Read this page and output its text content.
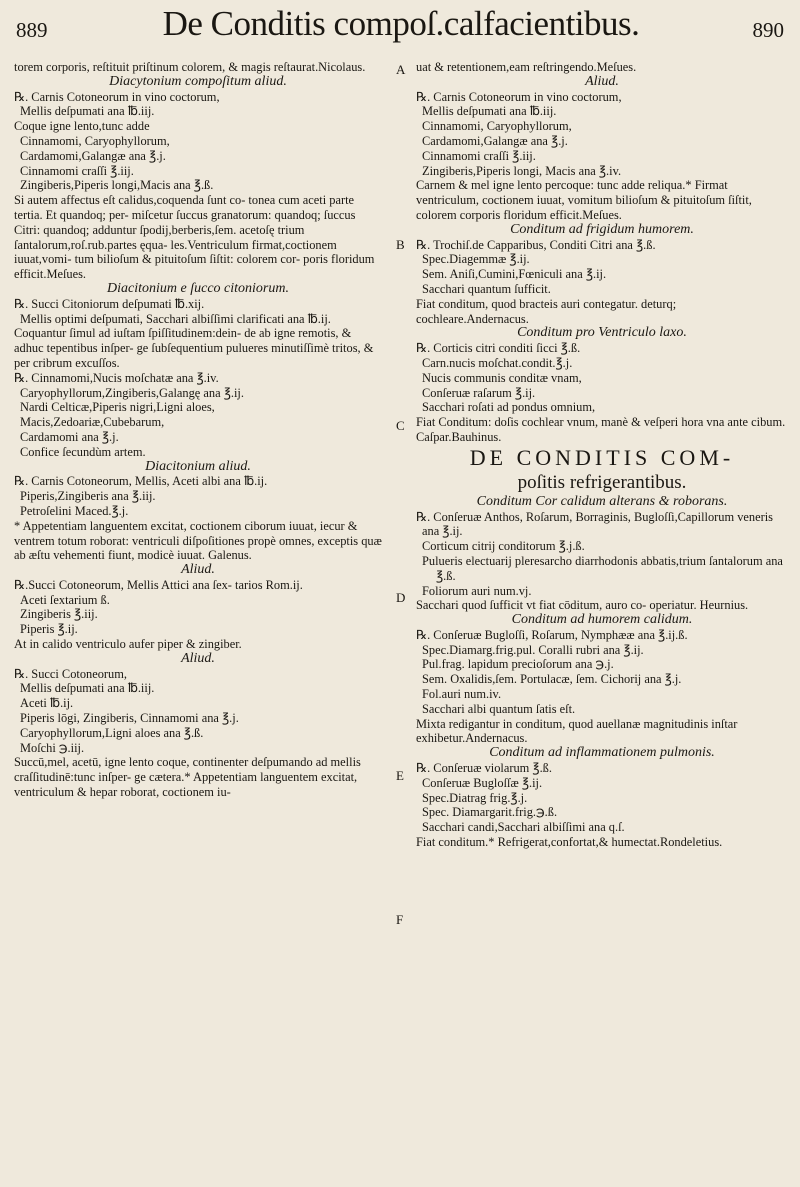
889	De Conditis compoſ.calfacientibus.	890

torem corporis, reſtituit priſtinum colorem, & magis reſtaurat.Nicolaus.

Diacytonium compoſitum aliud.

℞. Carnis Cotoneorum in vino coctorum,

Mellis deſpumati ana ℔.iij.

Coque igne lento,tunc adde

Cinnamomi, Caryophyllorum,

Cardamomi,Galangæ ana ℥.j.

Cinnamomi craſſi ℥.iij.

Zingiberis,Piperis longi,Macis ana ℥.ß.

Si autem affectus eſt calidus,coquenda ſunt co- tonea cum aceti parte tertia. Et quandoq; per- miſcetur ſuccus granatorum: quandoq; ſuccus Citri: quandoq; adduntur ſpodij,berberis,ſem. acetoſę trium ſantalorum,roſ.rub.partes ęqua- les.Ventriculum firmat,coctionem iuuat,vomi- tum bilioſum & pituitoſum ſiſtit: colorem cor- poris floridum efficit.Meſues.

Diacitonium e ſucco citoniorum.

℞. Succi Citoniorum deſpumati ℔.xij.

Mellis optimi deſpumati, Sacchari albiſſimi clarificati ana ℔.ij.

Coquantur ſimul ad iuſtam ſpiſſitudinem:dein- de ab igne remotis, & adhuc tepentibus inſper- ge ſubſequentium pulueres minutiſſimè tritos, & per cribrum excuſſos.

℞. Cinnamomi,Nucis moſchatæ ana ℥.iv.

Caryophyllorum,Zingiberis,Galangę ana ℥.ij.

Nardi Celticæ,Piperis nigri,Ligni aloes,

Macis,Zedoariæ,Cubebarum,

Cardamomi ana ℥.j.

Confice ſecundùm artem.

Diacitonium aliud.

℞. Carnis Cotoneorum, Mellis, Aceti albi ana ℔.ij.

Piperis,Zingiberis ana ℥.iij.

Petroſelini Maced.℥.j.

* Appetentiam languentem excitat, coctionem ciborum iuuat, iecur & ventrem totum roborat: ventriculi diſpoſitiones propè omnes, exceptis quæ ab æſtu vehementi fiunt, modicè iuuat. Galenus.

Aliud.

℞.Succi Cotoneorum, Mellis Attici ana ſex- tarios Rom.ij.

Aceti ſextarium ß.

Zingiberis ℥.iij.

Piperis ℥.ij.

At in calido ventriculo aufer piper & zingiber.

Aliud.

℞. Succi Cotoneorum,

Mellis deſpumati ana ℔.iij.

Aceti ℔.ij.

Piperis lōgi, Zingiberis, Cinnamomi ana ℥.j.

Caryophyllorum,Ligni aloes ana ℥.ß.

Moſchi ℈.iij.

Succū,mel, acetū, igne lento coque, continenter deſpumando ad mellis craſſitudinē:tunc inſper- ge cætera.* Appetentiam languentem excitat, ventriculum & hepar roborat, coctionem iu-

uat & retentionem,eam reſtringendo.Meſues.

Aliud.

℞. Carnis Cotoneorum in vino coctorum,

Mellis deſpumati ana ℔.iij.

Cinnamomi, Caryophyllorum,

Cardamomi,Galangæ ana ℥.j.

Cinnamomi craſſi ℥.iij.

Zingiberis,Piperis longi, Macis ana ℥.iv.

Carnem & mel igne lento percoque: tunc adde reliqua.* Firmat ventriculum, coctionem iuuat, vomitum bilioſum & pituitoſum ſiſtit, colorem corporis floridum efficit.Meſues.

Conditum ad frigidum humorem.

℞. Trochiſ.de Capparibus, Conditi Citri ana ℥.ß.

Spec.Diagemmæ ℥.ij.

Sem. Aniſi,Cumini,Fœniculi ana ℥.ij.

Sacchari quantum ſufficit.

Fiat conditum, quod bracteis auri contegatur. deturq; cochleare.Andernacus.

Conditum pro Ventriculo laxo.

℞. Corticis citri conditi ſicci ℥.ß.

Carn.nucis moſchat.condit.℥.j.

Nucis communis conditæ vnam,

Conſeruæ raſarum ℥.ij.

Sacchari roſati ad pondus omnium,

Fiat Conditum: doſis cochlear vnum, manè & veſperi hora vna ante cibum. Caſpar.Bauhinus.

DE CONDITIS COM-

poſitis refrigerantibus.

Conditum Cor calidum alterans & roborans.

℞. Conſeruæ Anthos, Roſarum, Borraginis, Bugloſſi,Capillorum veneris ana ℥.ij.

Corticum citrij conditorum ℥.j.ß.

Pulueris electuarij pleresarcho diarrhodonis abbatis,trium ſantalorum ana ℥.ß.

Foliorum auri num.vj.

Sacchari quod ſufficit vt fiat cōditum, auro co- operiatur. Heurnius.

Conditum ad humorem calidum.

℞. Conſeruæ Bugloſſi, Roſarum, Nymphææ ana ℥.ij.ß.

Spec.Diamarg.frig.pul. Coralli rubri ana ℥.ij.

Pul.frag. lapidum precioſorum ana ℈.j.

Sem. Oxalidis,ſem. Portulacæ, ſem. Cichorij ana ℥.j.

Fol.auri num.iv.

Sacchari albi quantum ſatis eſt.

Mixta redigantur in conditum, quod auellanæ magnitudinis inſtar exhibetur.Andernacus.

Conditum ad inflammationem pulmonis.

℞. Conſeruæ violarum ℥.ß.

Conſeruæ Bugloſſæ ℥.ij.

Spec.Diatrag frig.℥.j.

Spec. Diamargarit.frig.℈.ß.

Sacchari candi,Sacchari albiſſimi ana q.ſ.

Fiat conditum.* Refrigerat,confortat,& humectat.Rondeletius.

A
B
C
D
E
F
